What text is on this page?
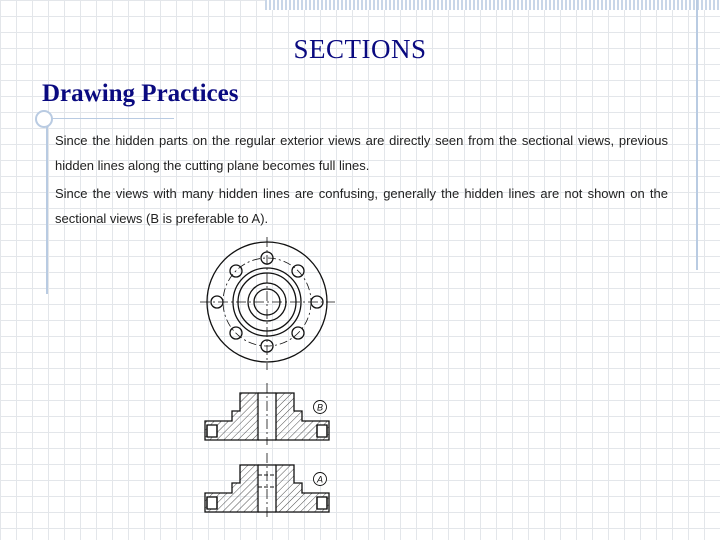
SECTIONS
Drawing Practices

Since the hidden parts on the regular exterior views are directly seen from the sectional views, previous hidden lines along the cutting plane becomes full lines.

Since the views with many hidden lines are confusing, generally the hidden lines are not shown on the sectional views (B is preferable to A).

B
A
